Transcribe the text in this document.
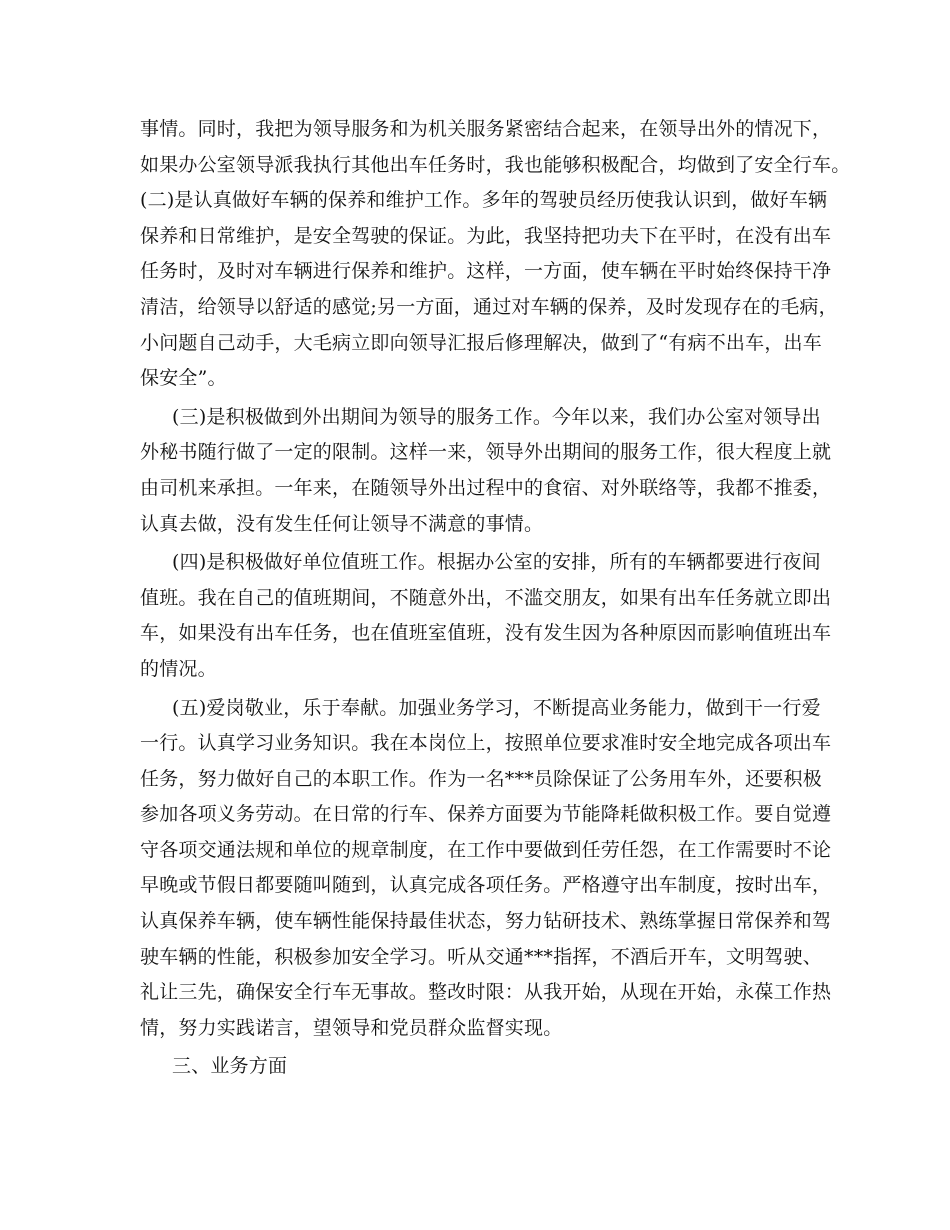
事情。同时，我把为领导服务和为机关服务紧密结合起来，在领导出外的情况下，
如果办公室领导派我执行其他出车任务时，我也能够积极配合，均做到了安全行车。
(二)是认真做好车辆的保养和维护工作。多年的驾驶员经历使我认识到，做好车辆
保养和日常维护，是安全驾驶的保证。为此，我坚持把功夫下在平时，在没有出车
任务时，及时对车辆进行保养和维护。这样，一方面，使车辆在平时始终保持干净
清洁，给领导以舒适的感觉;另一方面，通过对车辆的保养，及时发现存在的毛病，
小问题自己动手，大毛病立即向领导汇报后修理解决，做到了“有病不出车，出车
保安全”。
(三)是积极做到外出期间为领导的服务工作。今年以来，我们办公室对领导出
外秘书随行做了一定的限制。这样一来，领导外出期间的服务工作，很大程度上就
由司机来承担。一年来，在随领导外出过程中的食宿、对外联络等，我都不推委，
认真去做，没有发生任何让领导不满意的事情。
(四)是积极做好单位值班工作。根据办公室的安排，所有的车辆都要进行夜间
值班。我在自己的值班期间，不随意外出，不滥交朋友，如果有出车任务就立即出
车，如果没有出车任务，也在值班室值班，没有发生因为各种原因而影响值班出车
的情况。
(五)爱岗敬业，乐于奉献。加强业务学习，不断提高业务能力，做到干一行爱
一行。认真学习业务知识。我在本岗位上，按照单位要求准时安全地完成各项出车
任务，努力做好自己的本职工作。作为一名***员除保证了公务用车外，还要积极
参加各项义务劳动。在日常的行车、保养方面要为节能降耗做积极工作。要自觉遵
守各项交通法规和单位的规章制度，在工作中要做到任劳任怨，在工作需要时不论
早晚或节假日都要随叫随到，认真完成各项任务。严格遵守出车制度，按时出车，
认真保养车辆，使车辆性能保持最佳状态，努力钻研技术、熟练掌握日常保养和驾
驶车辆的性能，积极参加安全学习。听从交通***指挥，不酒后开车，文明驾驶、
礼让三先，确保安全行车无事故。整改时限：从我开始，从现在开始，永葆工作热
情，努力实践诺言，望领导和党员群众监督实现。
三、业务方面
